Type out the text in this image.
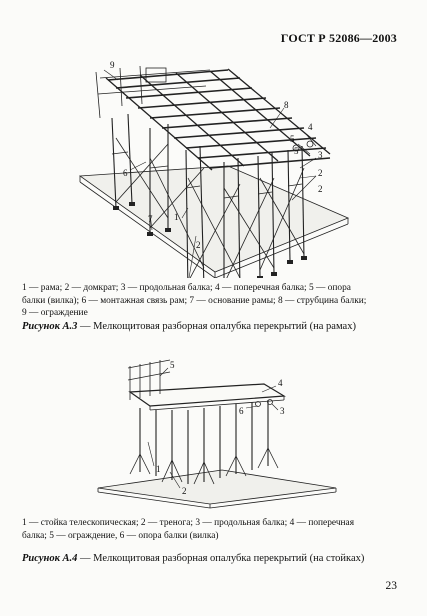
ГОСТ Р 52086—2003
1
2
3
4
5
6
7
8
9
2
5
2
1 — рама; 2 — домкрат; 3 — продольная балка; 4 — поперечная балка; 5 — опора
балки (вилка); 6 — монтажная связь рам; 7 — основание рамы; 8 — струбцина балки;
9 — ограждение
Рисунок А.3 — Мелкощитовая разборная опалубка перекрытий (на рамах)
5
4
6	3
1
2
1 — стойка телескопическая; 2 — тренога; 3 — продольная балка; 4 — поперечная
балка; 5 — ограждение, 6 — опора балки (вилка)
Рисунок А.4 — Мелкощитовая разборная опалубка перекрытий (на стойках)
23
